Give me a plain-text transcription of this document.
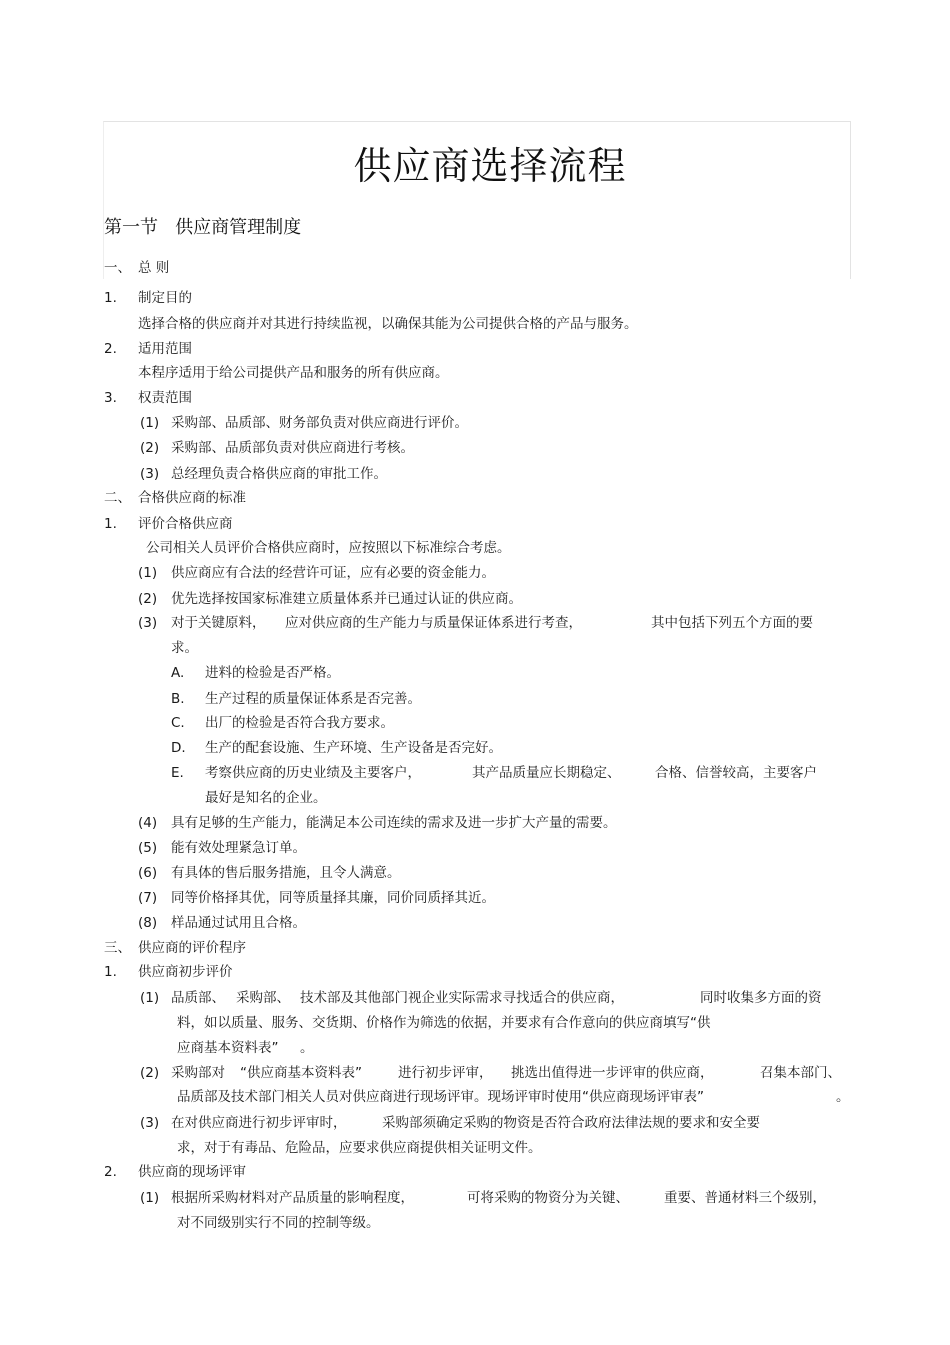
供应商选择流程
第一节   供应商管理制度
一、 总 则
1. 制定目的
选择合格的供应商并对其进行持续监视，以确保其能为公司提供合格的产品与服务。
2. 适用范围
本程序适用于给公司提供产品和服务的所有供应商。
3. 权责范围
(1) 采购部、品质部、财务部负责对供应商进行评价。
(2) 采购部、品质部负责对供应商进行考核。
(3) 总经理负责合格供应商的审批工作。
二、 合格供应商的标准
1. 评价合格供应商
公司相关人员评价合格供应商时，应按照以下标准综合考虑。
(1) 供应商应有合法的经营许可证，应有必要的资金能力。
(2) 优先选择按国家标准建立质量体系并已通过认证的供应商。
(3) 对于关键原料， 应对供应商的生产能力与质量保证体系进行考查，	其中包括下列五个方面的要
求。
A. 进料的检验是否严格。
B. 生产过程的质量保证体系是否完善。
C. 出厂的检验是否符合我方要求。
D. 生产的配套设施、生产环境、生产设备是否完好。
E. 考察供应商的历史业绩及主要客户，	其产品质量应长期稳定、	合格、信誉较高，主要客户
最好是知名的企业。
(4) 具有足够的生产能力，能满足本公司连续的需求及进一步扩大产量的需要。
(5) 能有效处理紧急订单。
(6) 有具体的售后服务措施，且令人满意。
(7) 同等价格择其优，同等质量择其廉，同价同质择其近。
(8) 样品通过试用且合格。
三、 供应商的评价程序
1. 供应商初步评价
(1) 品质部、 采购部、 技术部及其他部门视企业实际需求寻找适合的供应商，	同时收集多方面的资
料，如以质量、服务、交货期、价格作为筛选的依据，并要求有合作意向的供应商填写“供
应商基本资料表” 。
(2) 采购部对 “供应商基本资料表”	进行初步评审， 挑选出值得进一步评审的供应商，	召集本部门、
品质部及技术部门相关人员对供应商进行现场评审。现场评审时使用“供应商现场评审表”	。
(3) 在对供应商进行初步评审时，	采购部须确定采购的物资是否符合政府法律法规的要求和安全要
求，对于有毒品、危险品，应要求供应商提供相关证明文件。
2. 供应商的现场评审
(1) 根据所采购材料对产品质量的影响程度，	可将采购的物资分为关键、	重要、普通材料三个级别，
对不同级别实行不同的控制等级。
